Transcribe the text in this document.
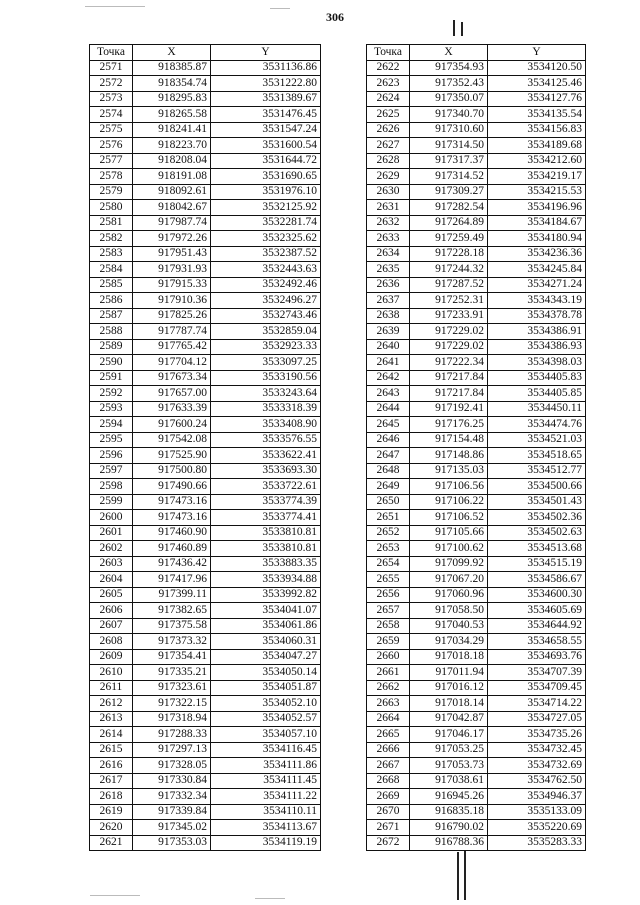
306
Точка	X	Y
2571	918385.87	3531136.86
2572	918354.74	3531222.80
2573	918295.83	3531389.67
2574	918265.58	3531476.45
2575	918241.41	3531547.24
2576	918223.70	3531600.54
2577	918208.04	3531644.72
2578	918191.08	3531690.65
2579	918092.61	3531976.10
2580	918042.67	3532125.92
2581	917987.74	3532281.74
2582	917972.26	3532325.62
2583	917951.43	3532387.52
2584	917931.93	3532443.63
2585	917915.33	3532492.46
2586	917910.36	3532496.27
2587	917825.26	3532743.46
2588	917787.74	3532859.04
2589	917765.42	3532923.33
2590	917704.12	3533097.25
2591	917673.34	3533190.56
2592	917657.00	3533243.64
2593	917633.39	3533318.39
2594	917600.24	3533408.90
2595	917542.08	3533576.55
2596	917525.90	3533622.41
2597	917500.80	3533693.30
2598	917490.66	3533722.61
2599	917473.16	3533774.39
2600	917473.16	3533774.41
2601	917460.90	3533810.81
2602	917460.89	3533810.81
2603	917436.42	3533883.35
2604	917417.96	3533934.88
2605	917399.11	3533992.82
2606	917382.65	3534041.07
2607	917375.58	3534061.86
2608	917373.32	3534060.31
2609	917354.41	3534047.27
2610	917335.21	3534050.14
2611	917323.61	3534051.87
2612	917322.15	3534052.10
2613	917318.94	3534052.57
2614	917288.33	3534057.10
2615	917297.13	3534116.45
2616	917328.05	3534111.86
2617	917330.84	3534111.45
2618	917332.34	3534111.22
2619	917339.84	3534110.11
2620	917345.02	3534113.67
2621	917353.03	3534119.19
Точка	X	Y
2622	917354.93	3534120.50
2623	917352.43	3534125.46
2624	917350.07	3534127.76
2625	917340.70	3534135.54
2626	917310.60	3534156.83
2627	917314.50	3534189.68
2628	917317.37	3534212.60
2629	917314.52	3534219.17
2630	917309.27	3534215.53
2631	917282.54	3534196.96
2632	917264.89	3534184.67
2633	917259.49	3534180.94
2634	917228.18	3534236.36
2635	917244.32	3534245.84
2636	917287.52	3534271.24
2637	917252.31	3534343.19
2638	917233.91	3534378.78
2639	917229.02	3534386.91
2640	917229.02	3534386.93
2641	917222.34	3534398.03
2642	917217.84	3534405.83
2643	917217.84	3534405.85
2644	917192.41	3534450.11
2645	917176.25	3534474.76
2646	917154.48	3534521.03
2647	917148.86	3534518.65
2648	917135.03	3534512.77
2649	917106.56	3534500.66
2650	917106.22	3534501.43
2651	917106.52	3534502.36
2652	917105.66	3534502.63
2653	917100.62	3534513.68
2654	917099.92	3534515.19
2655	917067.20	3534586.67
2656	917060.96	3534600.30
2657	917058.50	3534605.69
2658	917040.53	3534644.92
2659	917034.29	3534658.55
2660	917018.18	3534693.76
2661	917011.94	3534707.39
2662	917016.12	3534709.45
2663	917018.14	3534714.22
2664	917042.87	3534727.05
2665	917046.17	3534735.26
2666	917053.25	3534732.45
2667	917053.73	3534732.69
2668	917038.61	3534762.50
2669	916945.26	3534946.37
2670	916835.18	3535133.09
2671	916790.02	3535220.69
2672	916788.36	3535283.33
